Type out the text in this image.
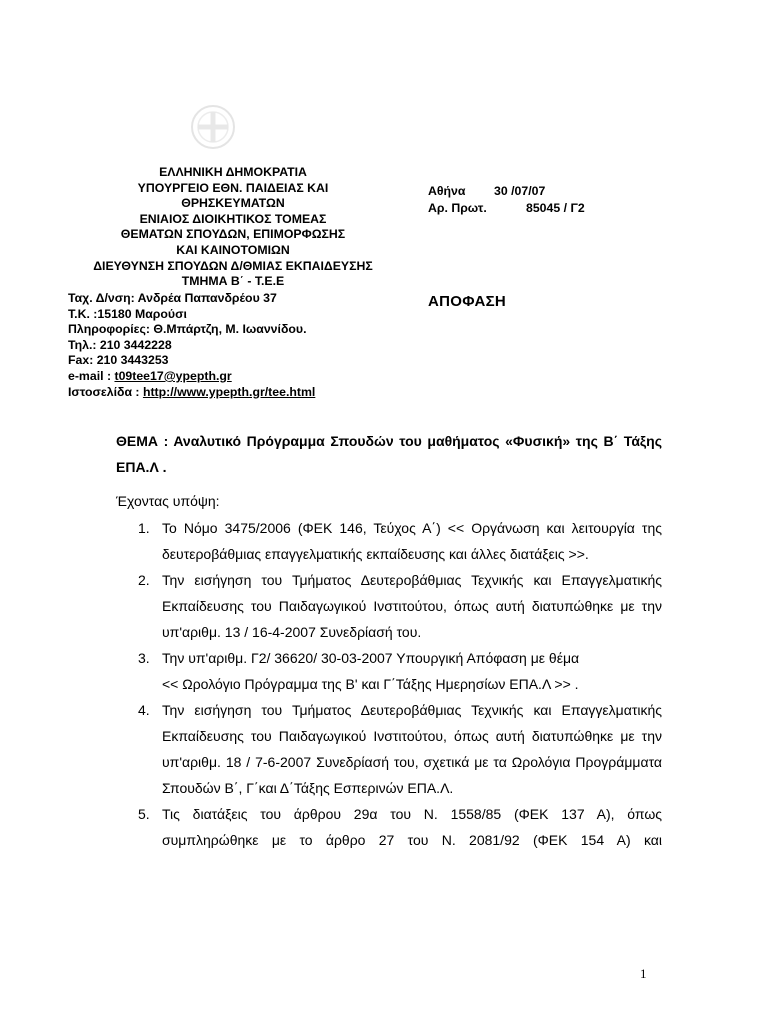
ΕΛΛΗΝΙΚΗ ΔΗΜΟΚΡΑΤΙΑ
ΥΠΟΥΡΓΕΙΟ ΕΘΝ. ΠΑΙΔΕΙΑΣ ΚΑΙ
ΘΡΗΣΚΕΥΜΑΤΩΝ
ΕΝΙΑΙΟΣ ΔΙΟΙΚΗΤΙΚΟΣ ΤΟΜΕΑΣ
ΘΕΜΑΤΩΝ ΣΠΟΥΔΩΝ, ΕΠΙΜΟΡΦΩΣΗΣ
ΚΑΙ ΚΑΙΝΟΤΟΜΙΩΝ
ΔΙΕΥΘΥΝΣΗ ΣΠΟΥΔΩΝ Δ/ΘΜΙΑΣ ΕΚΠΑΙΔΕΥΣΗΣ
ΤΜΗΜΑ Β΄ - Τ.Ε.Ε
Ταχ. Δ/νση: Ανδρέα Παπανδρέου 37
Τ.Κ. :15180 Μαρούσι
Πληροφορίες: Θ.Μπάρτζη, Μ. Ιωαννίδου.
Τηλ.: 210 3442228
Fax: 210 3443253
e-mail : t09tee17@ypepth.gr
Ιστοσελίδα : http://www.ypepth.gr/tee.html
Αθήνα 30 /07/07
Αρ. Πρωτ.	85045 / Γ2
ΑΠΟΦΑΣΗ
ΘΕΜΑ : Αναλυτικό Πρόγραμμα Σπουδών του μαθήματος «Φυσική» της Β΄ Τάξης ΕΠΑ.Λ .
Έχοντας υπόψη:
1. Το Νόμο 3475/2006 (ΦΕΚ 146, Τεύχος Α΄) << Οργάνωση και λειτουργία της δευτεροβάθμιας επαγγελματικής εκπαίδευσης και άλλες διατάξεις >>.
2. Την εισήγηση του Τμήματος Δευτεροβάθμιας Τεχνικής και Επαγγελματικής Εκπαίδευσης του Παιδαγωγικού Ινστιτούτου, όπως αυτή διατυπώθηκε με την υπ'αριθμ. 13 / 16-4-2007 Συνεδρίασή του.
3. Την υπ'αριθμ. Γ2/ 36620/ 30-03-2007 Υπουργική Απόφαση με θέμα
<< Ωρολόγιο Πρόγραμμα της Β' και Γ΄Τάξης Ημερησίων ΕΠΑ.Λ >> .
4. Την εισήγηση του Τμήματος Δευτεροβάθμιας Τεχνικής και Επαγγελματικής Εκπαίδευσης του Παιδαγωγικού Ινστιτούτου, όπως αυτή διατυπώθηκε με την υπ'αριθμ. 18 / 7-6-2007 Συνεδρίασή του, σχετικά με τα Ωρολόγια Προγράμματα Σπουδών Β΄, Γ΄και Δ΄Τάξης Εσπερινών ΕΠΑ.Λ.
5. Τις διατάξεις του άρθρου 29α του Ν. 1558/85 (ΦΕΚ 137 Α), όπως συμπληρώθηκε με το άρθρο 27 του Ν. 2081/92 (ΦΕΚ 154 Α) και
1
